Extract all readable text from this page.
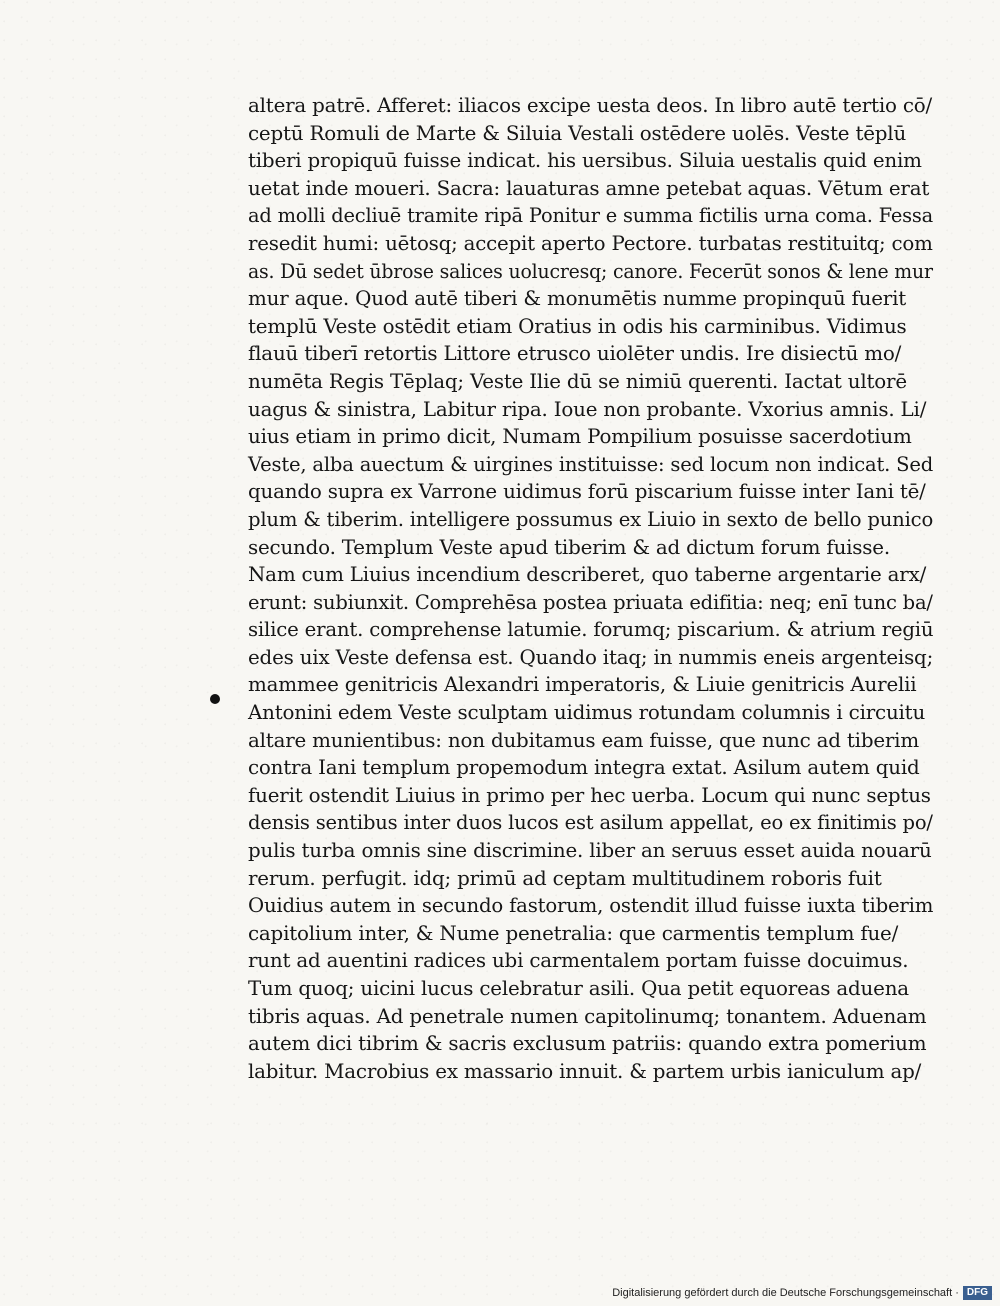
altera patrē. Afferet: iliacos excipe uesta deos. In libro autē tertio cō/
ceptū Romuli de Marte & Siluia Vestali ostēdere uolēs. Veste tēplū
tiberi propiquū fuisse indicat. his uersibus. Siluia uestalis quid enim
uetat inde moueri. Sacra: lauaturas amne petebat aquas. Vētum erat
ad molli decliuē tramite ripā Ponitur e summa fictilis urna coma. Fessa
resedit humi: uētosq; accepit aperto Pectore. turbatas restituitq; com
as. Dū sedet ūbrose salices uolucresq; canore. Fecerūt sonos & lene mur
mur aque. Quod autē tiberi & monumētis numme propinquū fuerit
templū Veste ostēdit etiam Oratius in odis his carminibus. Vidimus
flauū tiberī retortis Littore etrusco uiolēter undis. Ire disiectū mo/
numēta Regis Tēplaq; Veste Ilie dū se nimiū querenti. Iactat ultorē
uagus & sinistra, Labitur ripa. Ioue non probante. Vxorius amnis. Li/
uius etiam in primo dicit, Numam Pompilium posuisse sacerdotium
Veste, alba auectum & uirgines instituisse: sed locum non indicat. Sed
quando supra ex Varrone uidimus forū piscarium fuisse inter Iani tē/
plum & tiberim. intelligere possumus ex Liuio in sexto de bello punico
secundo. Templum Veste apud tiberim & ad dictum forum fuisse.
Nam cum Liuius incendium describeret, quo taberne argentarie arx/
erunt: subiunxit. Comprehēsa postea priuata edifitia: neq; enī tunc ba/
silice erant. comprehense latumie. forumq; piscarium. & atrium regiū
edes uix Veste defensa est. Quando itaq; in nummis eneis argenteisq;
mammee genitricis Alexandri imperatoris, & Liuie genitricis Aurelii
Antonini edem Veste sculptam uidimus rotundam columnis i circuitu
altare munientibus: non dubitamus eam fuisse, que nunc ad tiberim
contra Iani templum propemodum integra extat. Asilum autem quid
fuerit ostendit Liuius in primo per hec uerba. Locum qui nunc septus
densis sentibus inter duos lucos est asilum appellat, eo ex finitimis po/
pulis turba omnis sine discrimine. liber an seruus esset auida nouarū
rerum. perfugit. idq; primū ad ceptam multitudinem roboris fuit
Ouidius autem in secundo fastorum, ostendit illud fuisse iuxta tiberim
capitolium inter, & Nume penetralia: que carmentis templum fue/
runt ad auentini radices ubi carmentalem portam fuisse docuimus.
Tum quoq; uicini lucus celebratur asili. Qua petit equoreas aduena
tibris aquas. Ad penetrale numen capitolinumq; tonantem. Aduenam
autem dici tibrim & sacris exclusum patriis: quando extra pomerium
labitur. Macrobius ex massario innuit. & partem urbis ianiculum ap/
Digitalisierung gefördert durch die Deutsche Forschungsgemeinschaft · DFG
